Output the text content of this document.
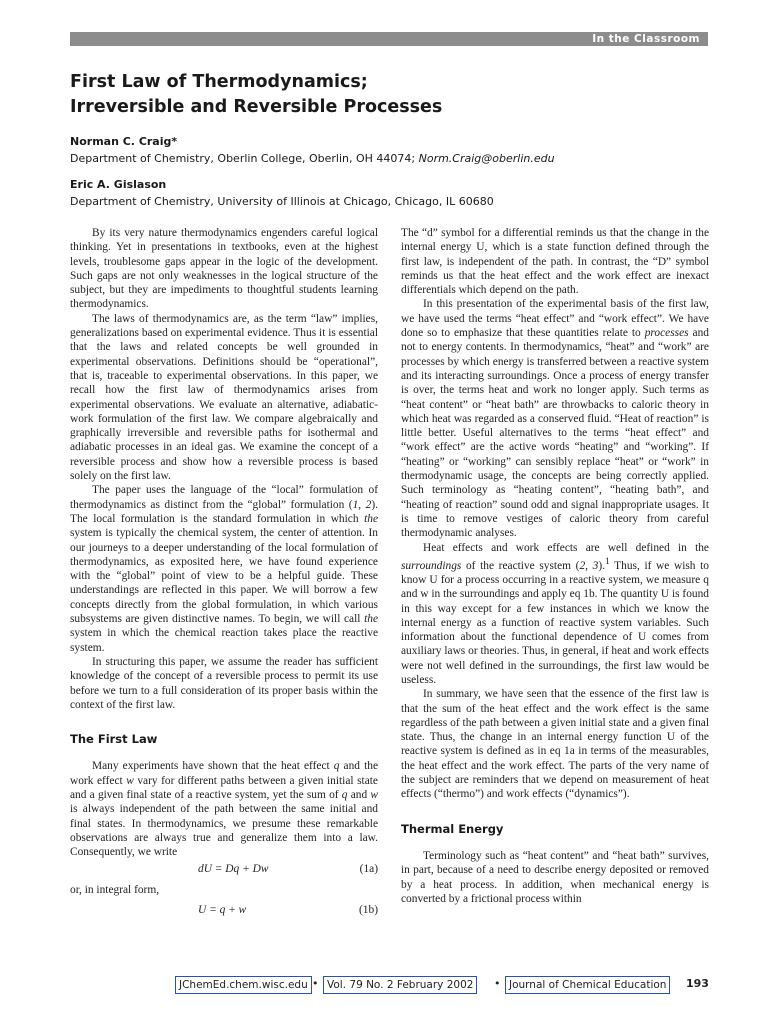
In the Classroom
First Law of Thermodynamics;
Irreversible and Reversible Processes
Norman C. Craig*
Department of Chemistry, Oberlin College, Oberlin, OH 44074; Norm.Craig@oberlin.edu
Eric A. Gislason
Department of Chemistry, University of Illinois at Chicago, Chicago, IL 60680

By its very nature thermodynamics engenders careful logical thinking. Yet in presentations in textbooks, even at the highest levels, troublesome gaps appear in the logic of the development. Such gaps are not only weaknesses in the logical structure of the subject, but they are impediments to thoughtful students learning thermodynamics.

The laws of thermodynamics are, as the term “law” implies, generalizations based on experimental evidence. Thus it is essential that the laws and related concepts be well grounded in experimental observations. Definitions should be “operational”, that is, traceable to experimental observations. In this paper, we recall how the first law of thermodynamics arises from experimental observations. We evaluate an alternative, adiabatic-work formulation of the first law. We compare algebraically and graphically irreversible and reversible paths for isothermal and adiabatic processes in an ideal gas. We examine the concept of a reversible process and show how a reversible process is based solely on the first law.

The paper uses the language of the “local” formulation of thermodynamics as distinct from the “global” formulation (1, 2). The local formulation is the standard formulation in which the system is typically the chemical system, the center of attention. In our journeys to a deeper understanding of the local formulation of thermodynamics, as exposited here, we have found experience with the “global” point of view to be a helpful guide. These understandings are reflected in this paper. We will borrow a few concepts directly from the global formulation, in which various subsystems are given distinctive names. To begin, we will call the system in which the chemical reaction takes place the reactive system.

In structuring this paper, we assume the reader has sufficient knowledge of the concept of a reversible process to permit its use before we turn to a full consideration of its proper basis within the context of the first law.

The First Law

Many experiments have shown that the heat effect q and the work effect w vary for different paths between a given initial state and a given final state of a reactive system, yet the sum of q and w is always independent of the path between the same initial and final states. In thermodynamics, we presume these remarkable observations are always true and generalize them into a law. Consequently, we write

dU = Dq + Dw	(1a)

or, in integral form,

U = q + w	(1b)

The “d” symbol for a differential reminds us that the change in the internal energy U, which is a state function defined through the first law, is independent of the path. In contrast, the “D” symbol reminds us that the heat effect and the work effect are inexact differentials which depend on the path.

In this presentation of the experimental basis of the first law, we have used the terms “heat effect” and “work effect”. We have done so to emphasize that these quantities relate to processes and not to energy contents. In thermodynamics, “heat” and “work” are processes by which energy is transferred between a reactive system and its interacting surroundings. Once a process of energy transfer is over, the terms heat and work no longer apply. Such terms as “heat content” or “heat bath” are throwbacks to caloric theory in which heat was regarded as a conserved fluid. “Heat of reaction” is little better. Useful alternatives to the terms “heat effect” and “work effect” are the active words “heating” and “working”. If “heating” or “working” can sensibly replace “heat” or “work” in thermodynamic usage, the concepts are being correctly applied. Such terminology as “heating content”, “heating bath”, and “heating of reaction” sound odd and signal inappropriate usages. It is time to remove vestiges of caloric theory from careful thermodynamic analyses.

Heat effects and work effects are well defined in the surroundings of the reactive system (2, 3).$^1$ Thus, if we wish to know U for a process occurring in a reactive system, we measure q and w in the surroundings and apply eq 1b. The quantity U is found in this way except for a few instances in which we know the internal energy as a function of reactive system variables. Such information about the functional dependence of U comes from auxiliary laws or theories. Thus, in general, if heat and work effects were not well defined in the surroundings, the first law would be useless.

In summary, we have seen that the essence of the first law is that the sum of the heat effect and the work effect is the same regardless of the path between a given initial state and a given final state. Thus, the change in an internal energy function U of the reactive system is defined as in eq 1a in terms of the measurables, the heat effect and the work effect. The parts of the very name of the subject are reminders that we depend on measurement of heat effects (“thermo”) and work effects (“dynamics”).

Thermal Energy

Terminology such as “heat content” and “heat bath” survives, in part, because of a need to describe energy deposited or removed by a heat process. In addition, when mechanical energy is converted by a frictional process within

JChemEd.chem.wisc.edu • Vol. 79 No. 2 February 2002	• Journal of Chemical Education	193
